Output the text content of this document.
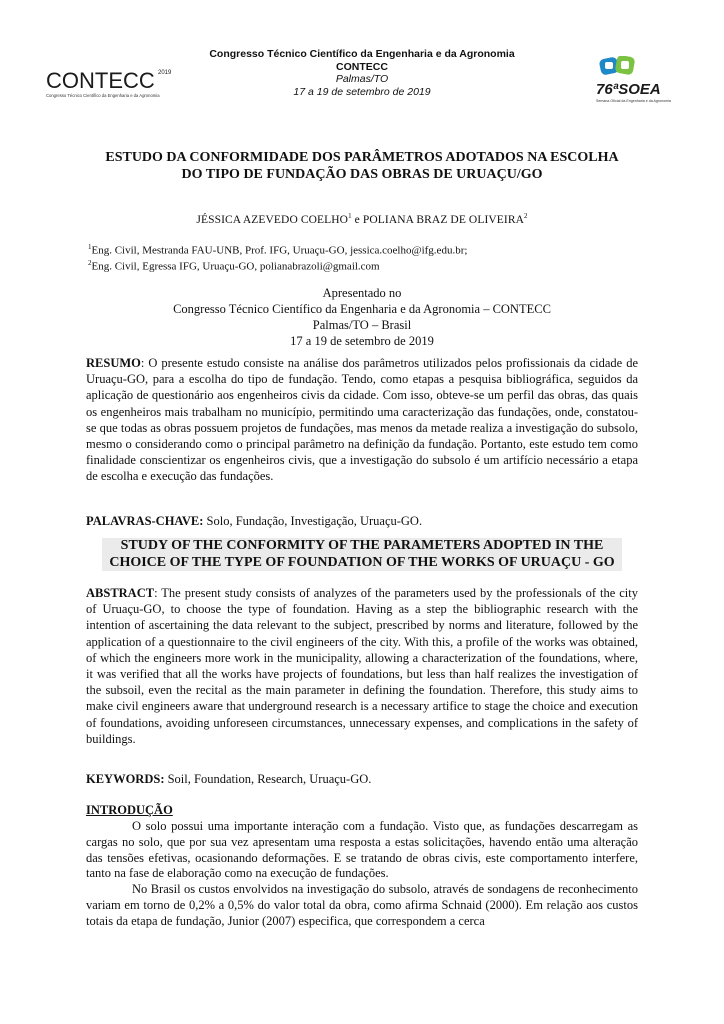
Congresso Técnico Científico da Engenharia e da Agronomia
CONTECC
Palmas/TO
17 a 19 de setembro de 2019
CONTECC 2019
Congresso Técnico Científico da Engenharia e da Agronomia	76ªSOEA
Semana Oficial da Engenharia e da Agronomia
ESTUDO DA CONFORMIDADE DOS PARÂMETROS ADOTADOS NA ESCOLHA
DO TIPO DE FUNDAÇÃO DAS OBRAS DE URUAÇU/GO
JÉSSICA AZEVEDO COELHO$^1$ e POLIANA BRAZ DE OLIVEIRA$^2$
$^1$Eng. Civil, Mestranda FAU-UNB, Prof. IFG, Uruaçu-GO, jessica.coelho@ifg.edu.br;
$^2$Eng. Civil, Egressa IFG, Uruaçu-GO, polianabrazoli@gmail.com
Apresentado no
Congresso Técnico Científico da Engenharia e da Agronomia – CONTECC
Palmas/TO – Brasil
17 a 19 de setembro de 2019
RESUMO: O presente estudo consiste na análise dos parâmetros utilizados pelos profissionais da cidade de Uruaçu-GO, para a escolha do tipo de fundação. Tendo, como etapas a pesquisa bibliográfica, seguidos da aplicação de questionário aos engenheiros civis da cidade. Com isso, obteve-se um perfil das obras, das quais os engenheiros mais trabalham no município, permitindo uma caracterização das fundações, onde, constatou-se que todas as obras possuem projetos de fundações, mas menos da metade realiza a investigação do subsolo, mesmo o considerando como o principal parâmetro na definição da fundação. Portanto, este estudo tem como finalidade conscientizar os engenheiros civis, que a investigação do subsolo é um artifício necessário a etapa de escolha e execução das fundações.
PALAVRAS-CHAVE: Solo, Fundação, Investigação, Uruaçu-GO.
STUDY OF THE CONFORMITY OF THE PARAMETERS ADOPTED IN THE
CHOICE OF THE TYPE OF FOUNDATION OF THE WORKS OF URUAÇU - GO
ABSTRACT: The present study consists of analyzes of the parameters used by the professionals of the city of Uruaçu-GO, to choose the type of foundation. Having as a step the bibliographic research with the intention of ascertaining the data relevant to the subject, prescribed by norms and literature, followed by the application of a questionnaire to the civil engineers of the city. With this, a profile of the works was obtained, of which the engineers more work in the municipality, allowing a characterization of the foundations, where, it was verified that all the works have projects of foundations, but less than half realizes the investigation of the subsoil, even the recital as the main parameter in defining the foundation. Therefore, this study aims to make civil engineers aware that underground research is a necessary artifice to stage the choice and execution of foundations, avoiding unforeseen circumstances, unnecessary expenses, and complications in the safety of buildings.
KEYWORDS: Soil, Foundation, Research, Uruaçu-GO.
INTRODUÇÃO
O solo possui uma importante interação com a fundação. Visto que, as fundações descarregam as cargas no solo, que por sua vez apresentam uma resposta a estas solicitações, havendo então uma alteração das tensões efetivas, ocasionando deformações. E se tratando de obras civis, este comportamento interfere, tanto na fase de elaboração como na execução de fundações.
No Brasil os custos envolvidos na investigação do subsolo, através de sondagens de reconhecimento variam em torno de 0,2% a 0,5% do valor total da obra, como afirma Schnaid (2000). Em relação aos custos totais da etapa de fundação, Junior (2007) especifica, que correspondem a cerca
